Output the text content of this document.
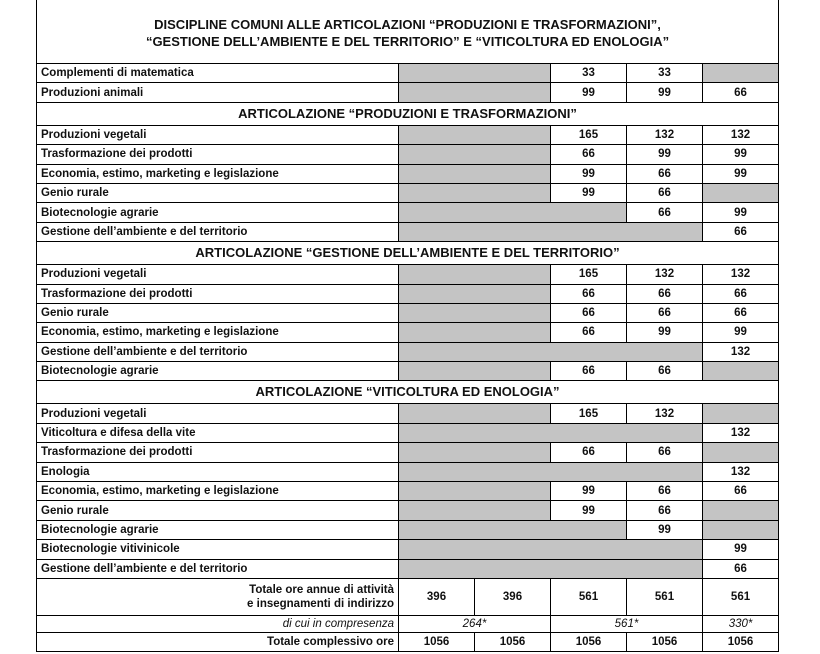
DISCIPLINE COMUNI ALLE ARTICOLAZIONI “PRODUZIONI E TRASFORMAZIONI”,
“GESTIONE DELL’AMBIENTE E DEL TERRITORIO” E “VITICOLTURA ED ENOLOGIA”					
Complementi di matematica			33	33	
Produzioni animali			99	99	66
ARTICOLAZIONE “PRODUZIONI E TRASFORMAZIONI”					
Produzioni vegetali			165	132	132
Trasformazione dei prodotti			66	99	99
Economia, estimo, marketing e legislazione			99	66	99
Genio rurale			99	66	
Biotecnologie agrarie				66	99
Gestione dell’ambiente e del territorio					66
ARTICOLAZIONE “GESTIONE DELL’AMBIENTE E DEL TERRITORIO”					
Produzioni vegetali			165	132	132
Trasformazione dei prodotti			66	66	66
Genio rurale			66	66	66
Economia, estimo, marketing e legislazione			66	99	99
Gestione dell’ambiente e del territorio					132
Biotecnologie agrarie			66	66	
ARTICOLAZIONE “VITICOLTURA ED ENOLOGIA”					
Produzioni vegetali			165	132	
Viticoltura e difesa della vite					132
Trasformazione dei prodotti			66	66	
Enologia					132
Economia, estimo, marketing e legislazione			99	66	66
Genio rurale			99	66	
Biotecnologie agrarie				99	
Biotecnologie vitivinicole					99
Gestione dell’ambiente e del territorio					66
Totale ore annue di attività
e insegnamenti di indirizzo	396	396	561	561	561
di cui in compresenza	264*		561*		330*
Totale complessivo ore	1056	1056	1056	1056	1056
